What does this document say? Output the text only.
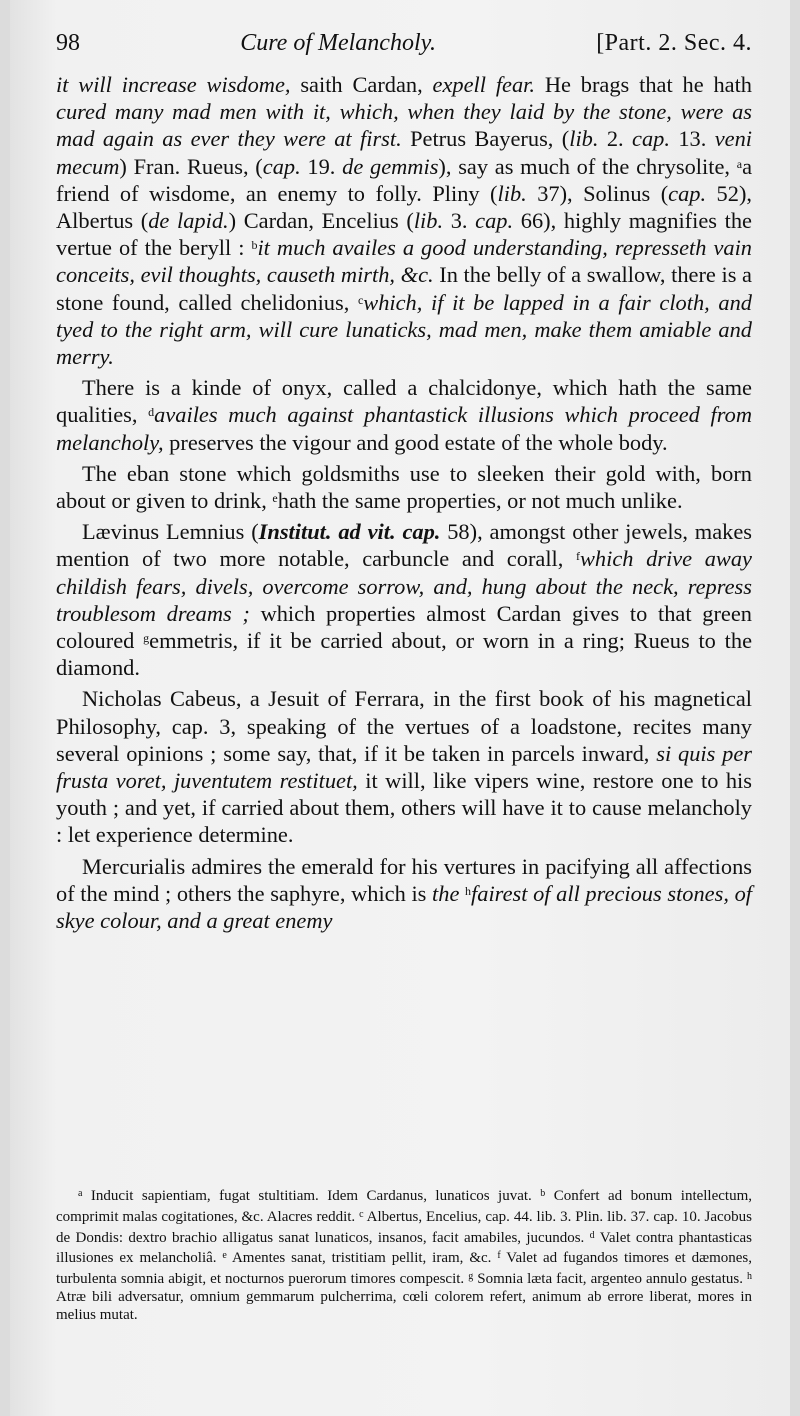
98	Cure of Melancholy.	[Part. 2. Sec. 4.

it will increase wisdome, saith Cardan, expell fear. He brags that he hath cured many mad men with it, which, when they laid by the stone, were as mad again as ever they were at first. Petrus Bayerus, (lib. 2. cap. 13. veni mecum) Fran. Rueus, (cap. 19. de gemmis), say as much of the chrysolite, $^a$a friend of wisdome, an enemy to folly. Pliny (lib. 37), Solinus (cap. 52), Albertus (de lapid.) Cardan, Encelius (lib. 3. cap. 66), highly magnifies the vertue of the beryll : $^b$it much availes a good understanding, represseth vain conceits, evil thoughts, causeth mirth, &c. In the belly of a swallow, there is a stone found, called chelidonius, $^c$which, if it be lapped in a fair cloth, and tyed to the right arm, will cure lunaticks, mad men, make them amiable and merry.

There is a kinde of onyx, called a chalcidonye, which hath the same qualities, $^d$availes much against phantastick illusions which proceed from melancholy, preserves the vigour and good estate of the whole body.

The eban stone which goldsmiths use to sleeken their gold with, born about or given to drink, $^e$hath the same properties, or not much unlike.

Lævinus Lemnius (Institut. ad vit. cap. 58), amongst other jewels, makes mention of two more notable, carbuncle and corall, $^f$which drive away childish fears, divels, overcome sorrow, and, hung about the neck, repress troublesom dreams ; which properties almost Cardan gives to that green coloured $^g$emmetris, if it be carried about, or worn in a ring; Rueus to the diamond.

Nicholas Cabeus, a Jesuit of Ferrara, in the first book of his magnetical Philosophy, cap. 3, speaking of the vertues of a loadstone, recites many several opinions ; some say, that, if it be taken in parcels inward, si quis per frusta voret, juventutem restituet, it will, like vipers wine, restore one to his youth ; and yet, if carried about them, others will have it to cause melancholy : let experience determine.

Mercurialis admires the emerald for his vertures in pacifying all affections of the mind ; others the saphyre, which is the $^h$fairest of all precious stones, of skye colour, and a great enemy

$^a$ Inducit sapientiam, fugat stultitiam. Idem Cardanus, lunaticos juvat. $^b$ Confert ad bonum intellectum, comprimit malas cogitationes, &c. Alacres reddit. $^c$ Albertus, Encelius, cap. 44. lib. 3. Plin. lib. 37. cap. 10. Jacobus de Dondis: dextro brachio alligatus sanat lunaticos, insanos, facit amabiles, jucundos. $^d$ Valet contra phantasticas illusiones ex melancholiâ. $^e$ Amentes sanat, tristitiam pellit, iram, &c. $^f$ Valet ad fugandos timores et dæmones, turbulenta somnia abigit, et nocturnos puerorum timores compescit. $^g$ Somnia læta facit, argenteo annulo gestatus. $^h$ Atræ bili adversatur, omnium gemmarum pulcherrima, cœli colorem refert, animum ab errore liberat, mores in melius mutat.
